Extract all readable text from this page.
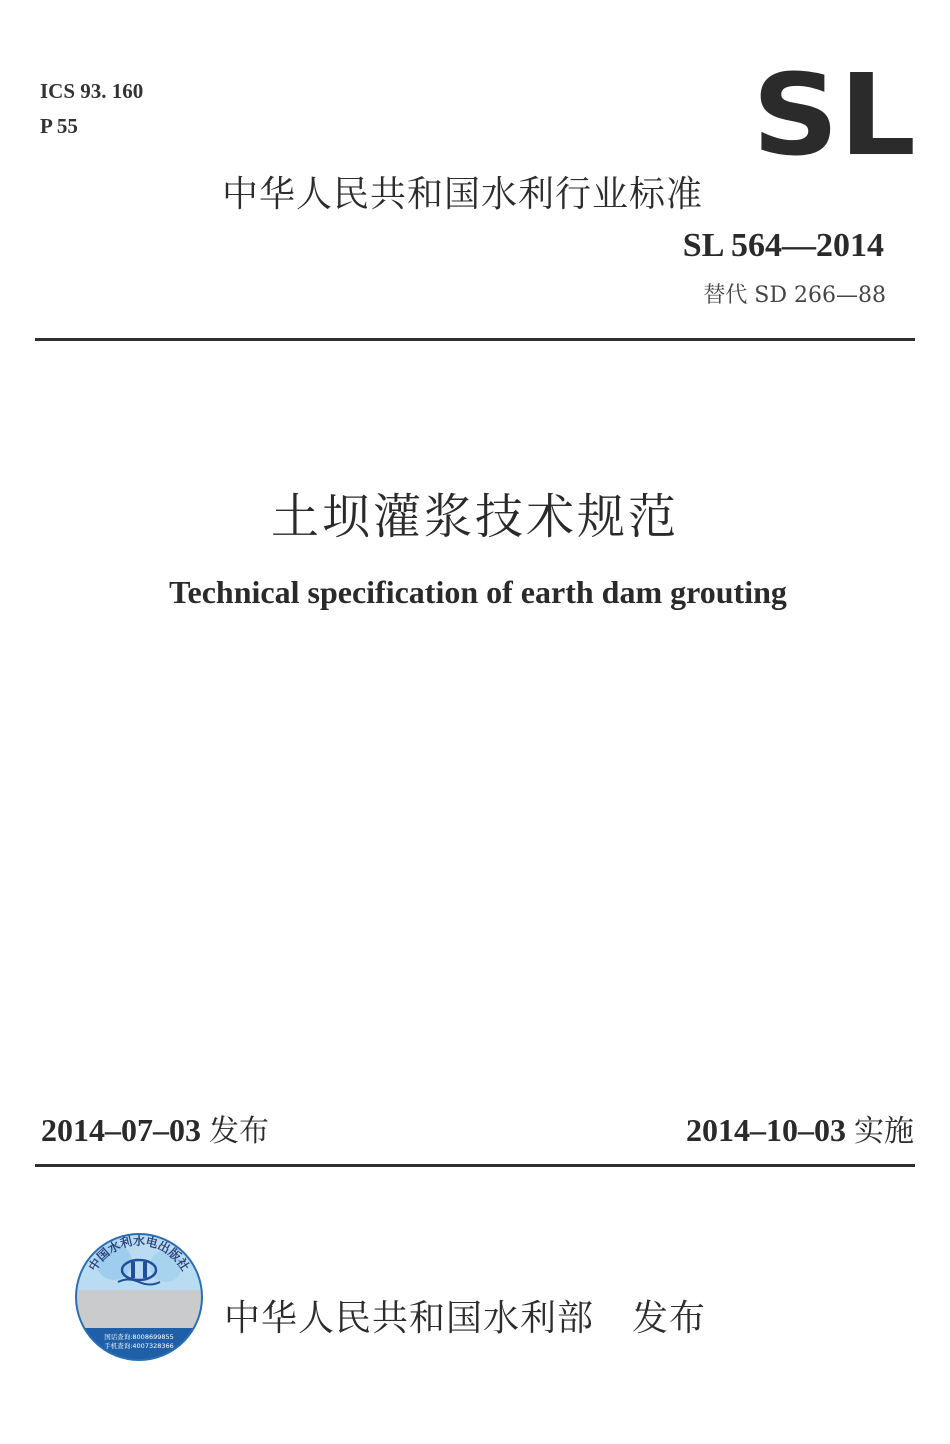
ICS 93. 160
P 55	SL
中华人民共和国水利行业标准
SL 564—2014
替代 SD 266—88
土坝灌浆技术规范
Technical specification of earth dam grouting
2014–07–03 发布	2014–10–03 实施
中国水利水电出版社
国话查询:8008699855
手机查询:4007328366
中华人民共和国水利部 发布
